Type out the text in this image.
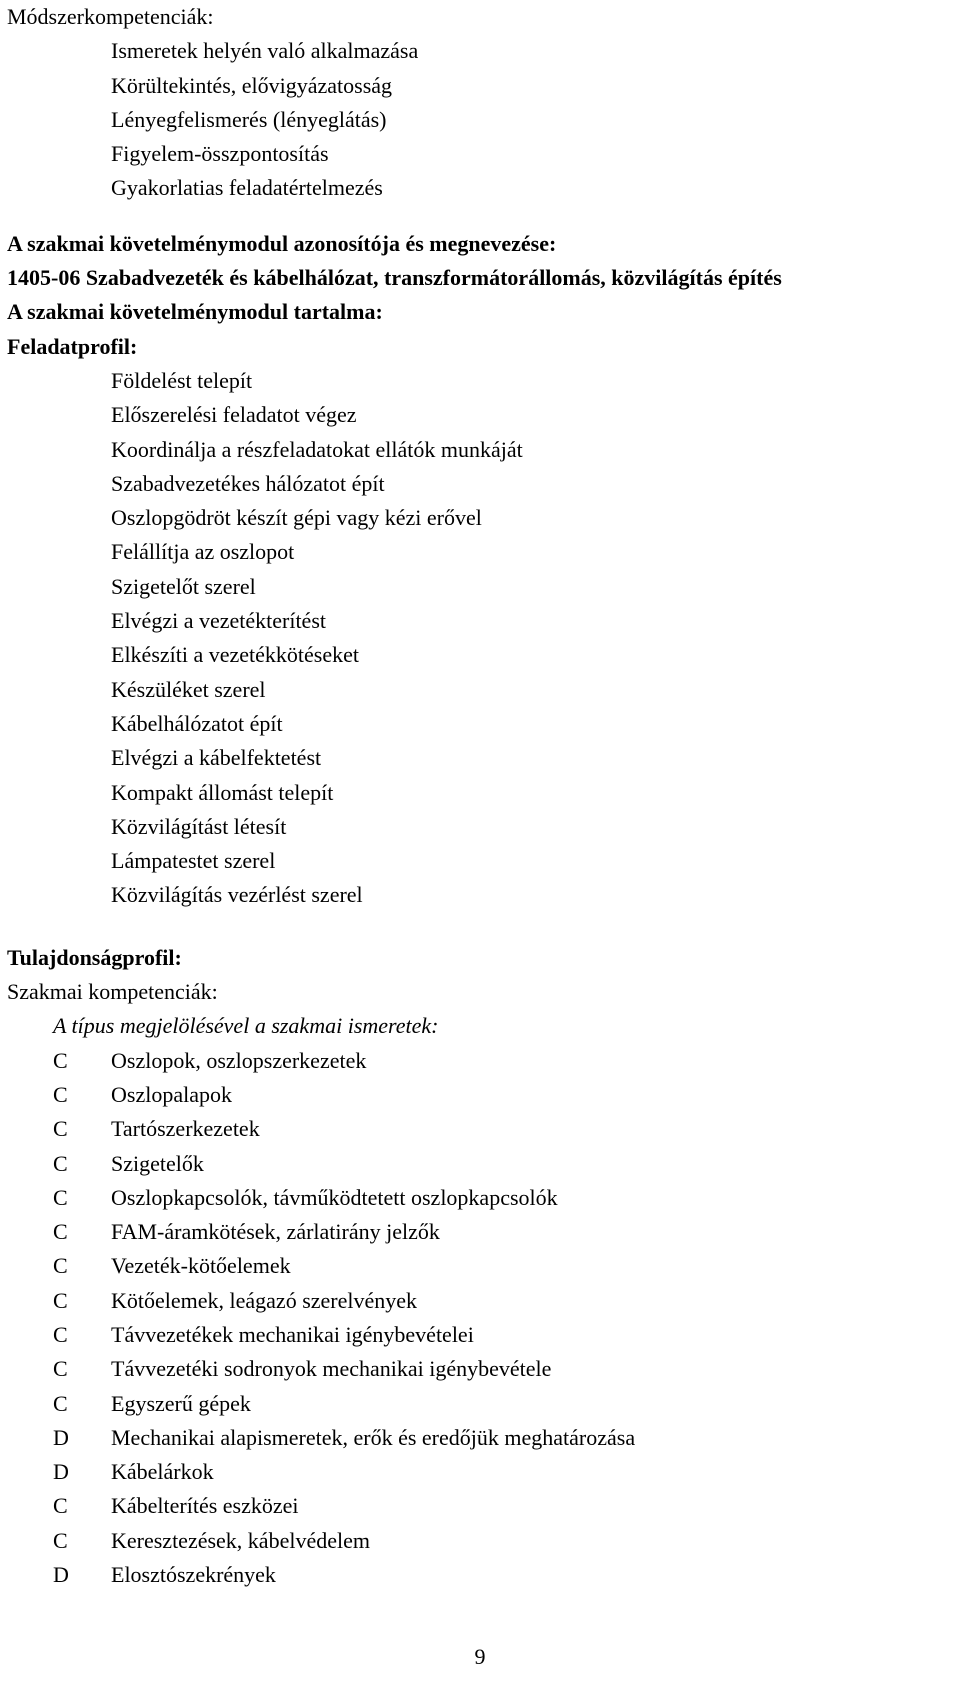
Módszerkompetenciák:
Ismeretek helyén való alkalmazása
Körültekintés, elővigyázatosság
Lényegfelismerés (lényeglátás)
Figyelem-összpontosítás
Gyakorlatias feladatértelmezés
A szakmai követelménymodul azonosítója és megnevezése:
1405-06 Szabadvezeték és kábelhálózat, transzformátorállomás, közvilágítás építés
A szakmai követelménymodul tartalma:
Feladatprofil:
Földelést telepít
Előszerelési feladatot végez
Koordinálja a részfeladatokat ellátók munkáját
Szabadvezetékes hálózatot épít
Oszlopgödröt készít gépi vagy kézi erővel
Felállítja az oszlopot
Szigetelőt szerel
Elvégzi a vezetékterítést
Elkészíti a vezetékkötéseket
Készüléket szerel
Kábelhálózatot épít
Elvégzi a kábelfektetést
Kompakt állomást telepít
Közvilágítást létesít
Lámpatestet szerel
Közvilágítás vezérlést szerel
Tulajdonságprofil:
Szakmai kompetenciák:
A típus megjelölésével a szakmai ismeretek:
C	Oszlopok, oszlopszerkezetek
C	Oszlopalapok
C	Tartószerkezetek
C	Szigetelők
C	Oszlopkapcsolók, távműködtetett oszlopkapcsolók
C	FAM-áramkötések, zárlatirány jelzők
C	Vezeték-kötőelemek
C	Kötőelemek, leágazó szerelvények
C	Távvezetékek mechanikai igénybevételei
C	Távvezetéki sodronyok mechanikai igénybevétele
C	Egyszerű gépek
D	Mechanikai alapismeretek, erők és eredőjük meghatározása
D	Kábelárkok
C	Kábelterítés eszközei
C	Keresztezések, kábelvédelem
D	Elosztószekrények
9
